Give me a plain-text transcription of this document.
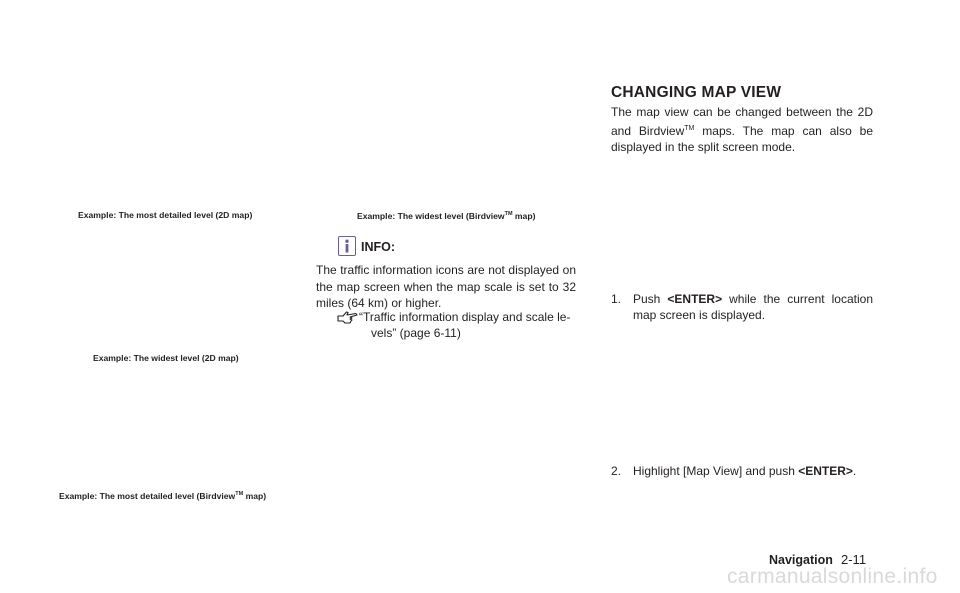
Example: The most detailed level (2D map)
Example: The widest level (2D map)
Example: The most detailed level (Birdview™ map)
Example: The widest level (Birdview™ map)
INFO:
The traffic information icons are not displayed on the map screen when the map scale is set to 32 miles (64 km) or higher.
“Traffic information display and scale le-
vels” (page 6-11)
CHANGING MAP VIEW
The map view can be changed between the 2D and Birdview™ maps. The map can also be displayed in the split screen mode.
1. Push <ENTER> while the current location
map screen is displayed.
2. Highlight [Map View] and push <ENTER>.
Navigation 2-11
carmanualsonline.info
